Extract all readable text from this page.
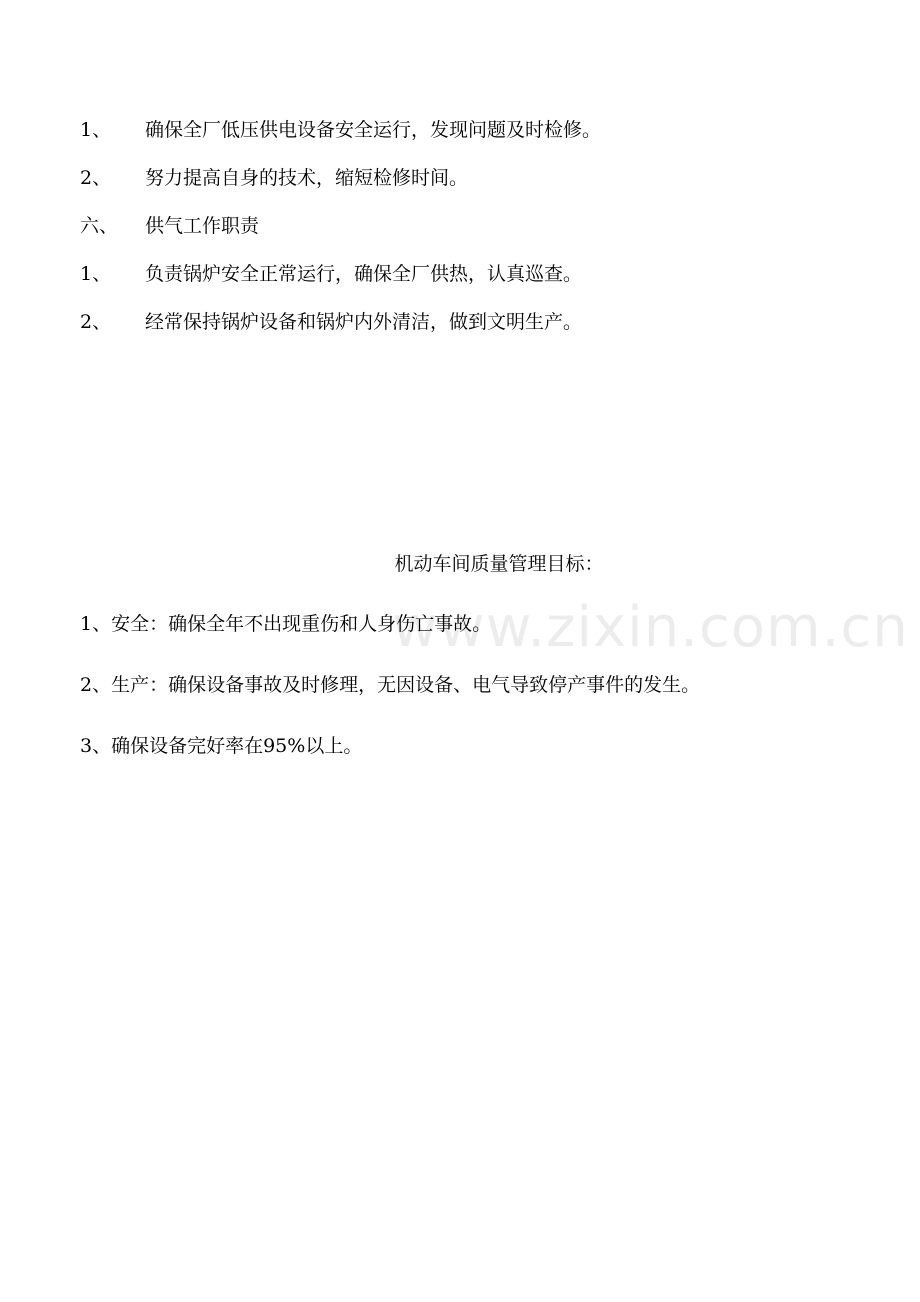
www.zixin.com.cn
1、 确保全厂低压供电设备安全运行，发现问题及时检修。
2、 努力提高自身的技术，缩短检修时间。
六、 供气工作职责
1、 负责锅炉安全正常运行，确保全厂供热，认真巡查。
2、 经常保持锅炉设备和锅炉内外清洁，做到文明生产。
机动车间质量管理目标：
1、安全：确保全年不出现重伤和人身伤亡事故。
2、生产：确保设备事故及时修理，无因设备、电气导致停产事件的发生。
3、确保设备完好率在95%以上。
